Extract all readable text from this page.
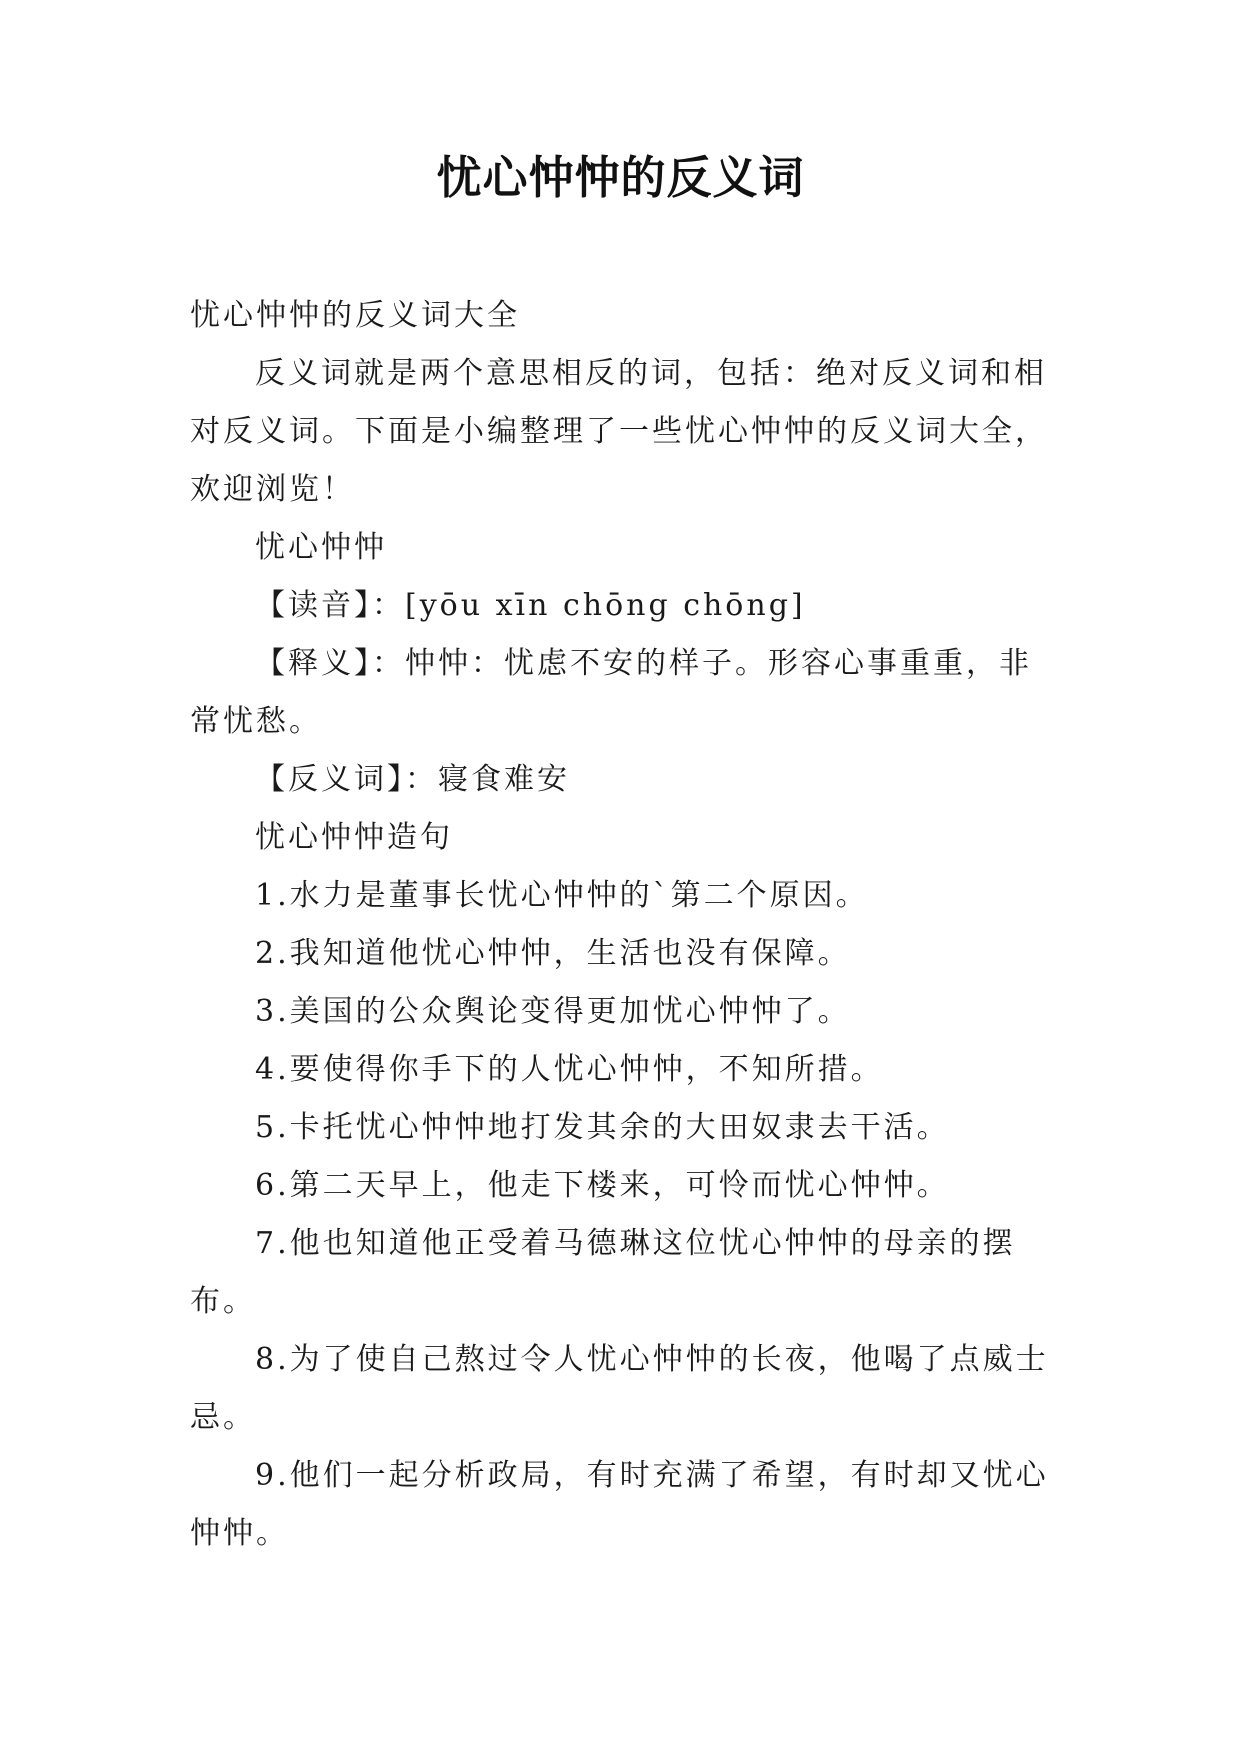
忧心忡忡的反义词

忧心忡忡的反义词大全

反义词就是两个意思相反的词，包括：绝对反义词和相
对反义词。下面是小编整理了一些忧心忡忡的反义词大全，
欢迎浏览！

忧心忡忡

【读音】：[yōu xīn chōng chōng]

【释义】：忡忡：忧虑不安的样子。形容心事重重，非
常忧愁。

【反义词】：寝食难安

忧心忡忡造句

1.水力是董事长忧心忡忡的`第二个原因。

2.我知道他忧心忡忡，生活也没有保障。

3.美国的公众舆论变得更加忧心忡忡了。

4.要使得你手下的人忧心忡忡，不知所措。

5.卡托忧心忡忡地打发其余的大田奴隶去干活。

6.第二天早上，他走下楼来，可怜而忧心忡忡。

7.他也知道他正受着马德琳这位忧心忡忡的母亲的摆
布。

8.为了使自己熬过令人忧心忡忡的长夜，他喝了点威士
忌。

9.他们一起分析政局，有时充满了希望，有时却又忧心
忡忡。
